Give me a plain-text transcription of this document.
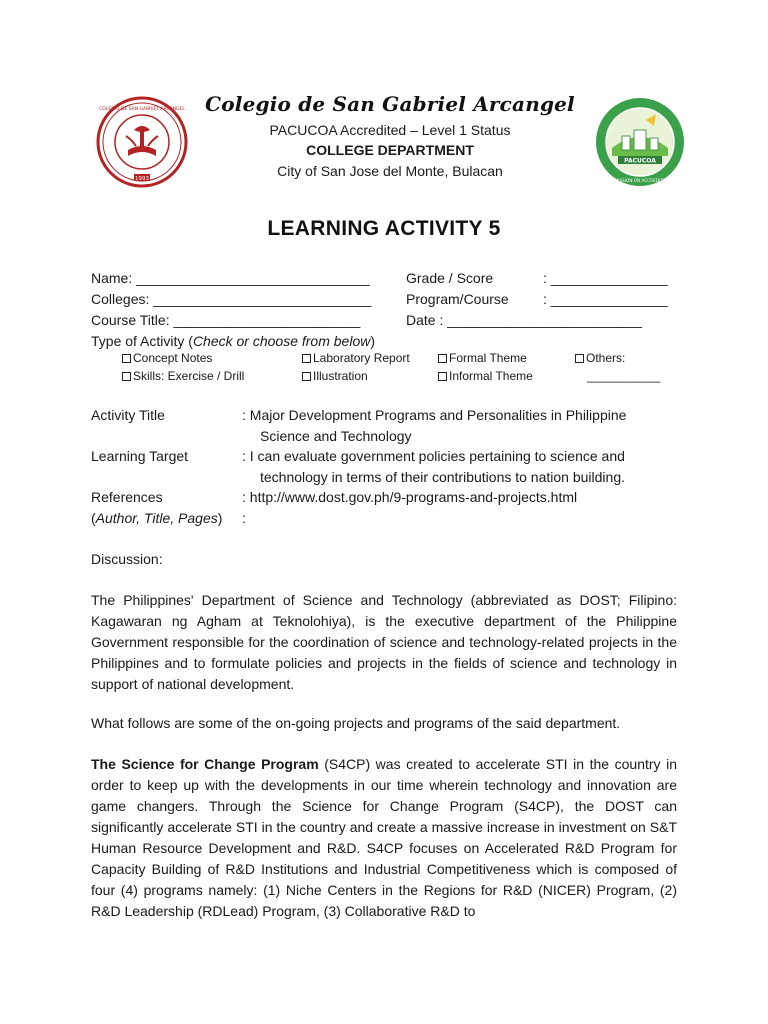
1993
COLEGIO DE SAN GABRIEL ARCANGEL	Colegio de San Gabriel Arcangel
PACUCOA Accredited – Level 1 Status
COLLEGE DEPARTMENT
City of San Jose del Monte, Bulacan
PACUCOA
COMMISSION ON ACCREDITATION
LEARNING ACTIVITY 5
Name: ______________________________	Grade / Score	: _______________
Colleges: ____________________________ Program/Course : _______________
Course Title: ________________________	Date : _________________________
Type of Activity (Check or choose from below)
Concept Notes	Laboratory Report	Formal Theme	Others:
Skills: Exercise / Drill	Illustration	Informal Theme	___________
Activity Title	: Major Development Programs and Personalities in Philippine
Science and Technology
Learning Target	: I can evaluate government policies pertaining to science and
technology in terms of their contributions to nation building.
References	: http://www.dost.gov.ph/9-programs-and-projects.html
(Author, Title, Pages) :
Discussion:
The Philippines' Department of Science and Technology (abbreviated as DOST; Filipino: Kagawaran ng Agham at Teknolohiya), is the executive department of the Philippine Government responsible for the coordination of science and technology-related projects in the Philippines and to formulate policies and projects in the fields of science and technology in support of national development.
What follows are some of the on-going projects and programs of the said department.
The Science for Change Program (S4CP) was created to accelerate STI in the country in order to keep up with the developments in our time wherein technology and innovation are game changers. Through the Science for Change Program (S4CP), the DOST can significantly accelerate STI in the country and create a massive increase in investment on S&T Human Resource Development and R&D. S4CP focuses on Accelerated R&D Program for Capacity Building of R&D Institutions and Industrial Competitiveness which is composed of four (4) programs namely: (1) Niche Centers in the Regions for R&D (NICER) Program, (2) R&D Leadership (RDLead) Program, (3) Collaborative R&D to
